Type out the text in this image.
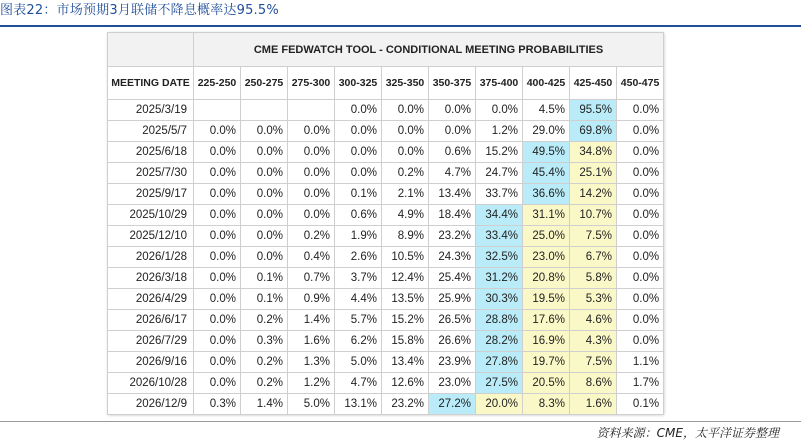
图表22：市场预期3月联储不降息概率达95.5%
	CME FEDWATCH TOOL - CONDITIONAL MEETING PROBABILITIES									
MEETING DATE	225-250	250-275	275-300	300-325	325-350	350-375	375-400	400-425	425-450	450-475
2025/3/19				0.0%	0.0%	0.0%	0.0%	4.5%	95.5%	0.0%
2025/5/7	0.0%	0.0%	0.0%	0.0%	0.0%	0.0%	1.2%	29.0%	69.8%	0.0%
2025/6/18	0.0%	0.0%	0.0%	0.0%	0.0%	0.6%	15.2%	49.5%	34.8%	0.0%
2025/7/30	0.0%	0.0%	0.0%	0.0%	0.2%	4.7%	24.7%	45.4%	25.1%	0.0%
2025/9/17	0.0%	0.0%	0.0%	0.1%	2.1%	13.4%	33.7%	36.6%	14.2%	0.0%
2025/10/29	0.0%	0.0%	0.0%	0.6%	4.9%	18.4%	34.4%	31.1%	10.7%	0.0%
2025/12/10	0.0%	0.0%	0.2%	1.9%	8.9%	23.2%	33.4%	25.0%	7.5%	0.0%
2026/1/28	0.0%	0.0%	0.4%	2.6%	10.5%	24.3%	32.5%	23.0%	6.7%	0.0%
2026/3/18	0.0%	0.1%	0.7%	3.7%	12.4%	25.4%	31.2%	20.8%	5.8%	0.0%
2026/4/29	0.0%	0.1%	0.9%	4.4%	13.5%	25.9%	30.3%	19.5%	5.3%	0.0%
2026/6/17	0.0%	0.2%	1.4%	5.7%	15.2%	26.5%	28.8%	17.6%	4.6%	0.0%
2026/7/29	0.0%	0.3%	1.6%	6.2%	15.8%	26.6%	28.2%	16.9%	4.3%	0.0%
2026/9/16	0.0%	0.2%	1.3%	5.0%	13.4%	23.9%	27.8%	19.7%	7.5%	1.1%
2026/10/28	0.0%	0.2%	1.2%	4.7%	12.6%	23.0%	27.5%	20.5%	8.6%	1.7%
2026/12/9	0.3%	1.4%	5.0%	13.1%	23.2%	27.2%	20.0%	8.3%	1.6%	0.1%
资料来源：CME，太平洋证券整理
